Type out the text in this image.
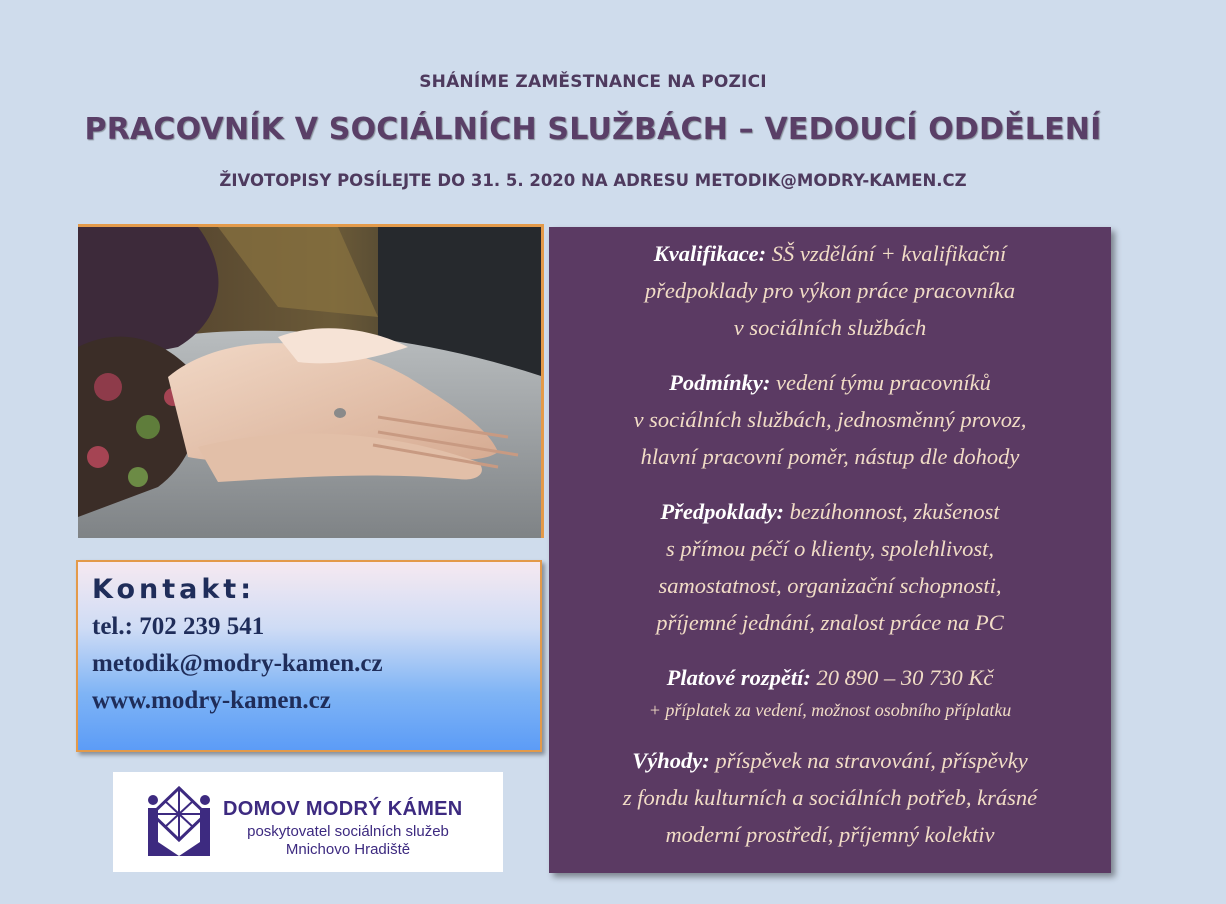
SHÁNÍME ZAMĚSTNANCE NA POZICI
PRACOVNÍK V SOCIÁLNÍCH SLUŽBÁCH – VEDOUCÍ ODDĚLENÍ
ŽIVOTOPISY POSÍLEJTE DO 31. 5. 2020 NA ADRESU METODIK@MODRY-KAMEN.CZ
Kontakt:
tel.: 702 239 541
metodik@modry-kamen.cz
www.modry-kamen.cz
DOMOV MODRÝ KÁMEN
poskytovatel sociálních služeb
Mnichovo Hradiště

Kvalifikace: SŠ vzdělání + kvalifikační

předpoklady pro výkon práce pracovníka

v sociálních službách

Podmínky: vedení týmu pracovníků

v sociálních službách, jednosměnný provoz,

hlavní pracovní poměr, nástup dle dohody

Předpoklady: bezúhonnost, zkušenost

s přímou péčí o klienty, spolehlivost,

samostatnost, organizační schopnosti,

příjemné jednání, znalost práce na PC

Platové rozpětí: 20 890 – 30 730 Kč

+ příplatek za vedení, možnost osobního příplatku

Výhody: příspěvek na stravování, příspěvky

z fondu kulturních a sociálních potřeb, krásné

moderní prostředí, příjemný kolektiv
